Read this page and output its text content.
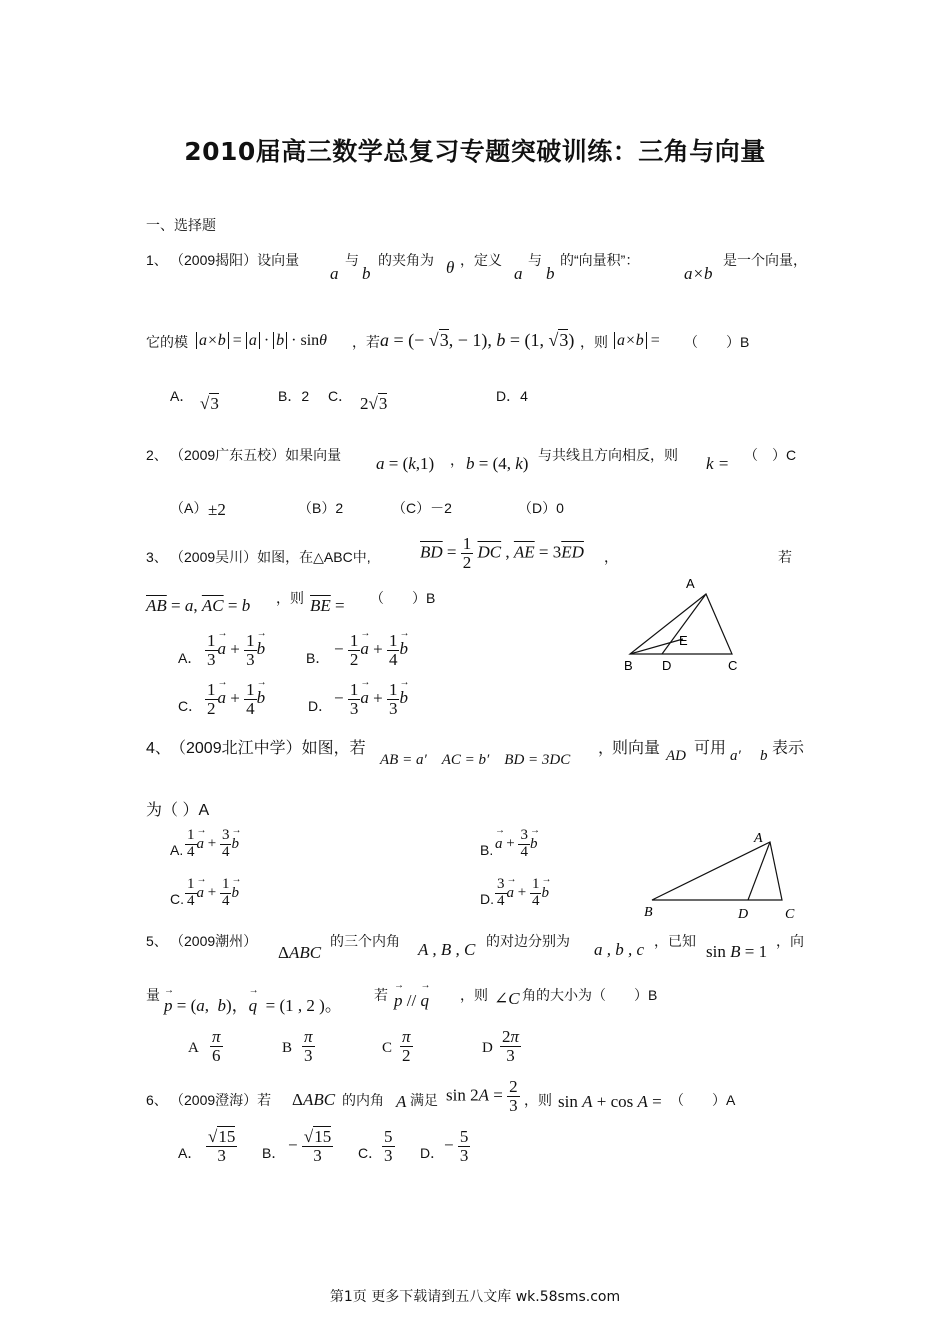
2010届高三数学总复习专题突破训练：三角与向量
一、选择题
1、 （2009揭阳）设向量
a
与
b
的夹角为 θ ，定义
a
与
b
的“向量积”：
a×b
是一个向量，
它的模 a×b = a · b · sinθ ，若 a = (− √3, − 1), b = (1, √3) ，则 a×b = （　　）B
A． √3	B．2 C． 2√3	D．4
2、 （2009广东五校）如果向量 a = (k,1) ， b = (4, k) 与共线且方向相反，则 k = （　）C
（A） ±2	（B）2	（C）－2	（D）0
3、 （2009吴川）如图，在△ABC中,	$\overline{BD} = \frac{1}{2} \overline{DC}$ , $\overline{AE} = 3\overline{ED}$ ，	若
$\overline{AB} = a$, $\overline{AC} = b$ ，则 $\overline{BE}$ = （　　）B
A． $\frac{1}{3} \to a + \frac{1}{3} \to b$	B． − $\frac{1}{2} \to a + \frac{1}{4} \to b$
C． $\frac{1}{2} \to a + \frac{1}{4} \to b$	D． − $\frac{1}{3} \to a + \frac{1}{3} \to b$
A
E
B D	C
4、 （2009北江中学）如图，若
AB = a′　AC = b′　BD = 3DC
，
则向量 AD 可用 a′ b 表示
为（ ）A
A. $\frac{1}{4} \to a + \frac{3}{4} \to b$
C. $\frac{1}{4} \to a + \frac{1}{4} \to b$
B. → $a + \frac{3}{4} \to b$
D. $\frac{3}{4} \to a + \frac{1}{4} \to b$
A
B	D	C
5、 （2009潮州）
ΔABC
的三个内角 A , B , C 的对边分别为 a , b , c ，已知
sin B = 1
，向
量
→ p = (a,  b)，→ q  = (1 , 2 )。
若 → p // → q ，则 ∠C 角的大小为（　　）B
A $\frac{\pi}{6}$	B $\frac{\pi}{3}$	C $\frac{\pi}{2}$	D $\frac{2\pi}{3}$
6、 （2009澄海）若 ΔABC 的内角 A 满足 $\sin 2A = \frac{2}{3}$ ，则 sin A + cos A = （　　）A
A． $\frac{√15}{3}$ B． − $\frac{√15}{3}$ C． $\frac{5}{3}$ D． − $\frac{5}{3}$
第1页 更多下载请到五八文库 wk.58sms.com
